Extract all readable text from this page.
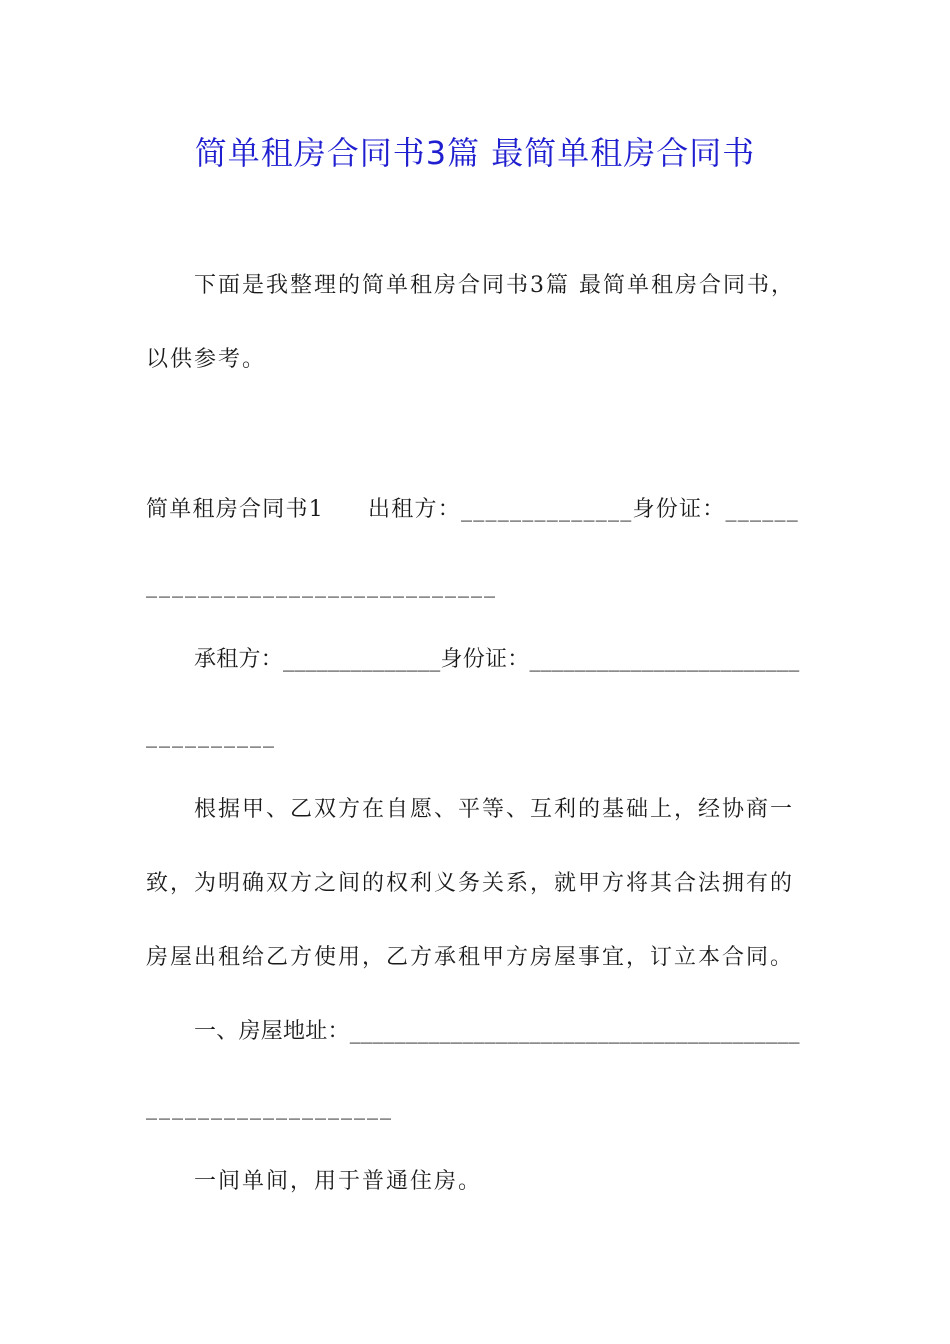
简单租房合同书3篇 最简单租房合同书

下面是我整理的简单租房合同书3篇 最简单租房合同书，

以供参考。

简单租房合同书1 出租方：______________身份证：______

___________________________

承租方：______________身份证：________________________

__________

根据甲、乙双方在自愿、平等、互利的基础上，经协商一

致，为明确双方之间的权利义务关系，就甲方将其合法拥有的

房屋出租给乙方使用，乙方承租甲方房屋事宜，订立本合同。

一、房屋地址：________________________________________

___________________

一间单间，用于普通住房。
